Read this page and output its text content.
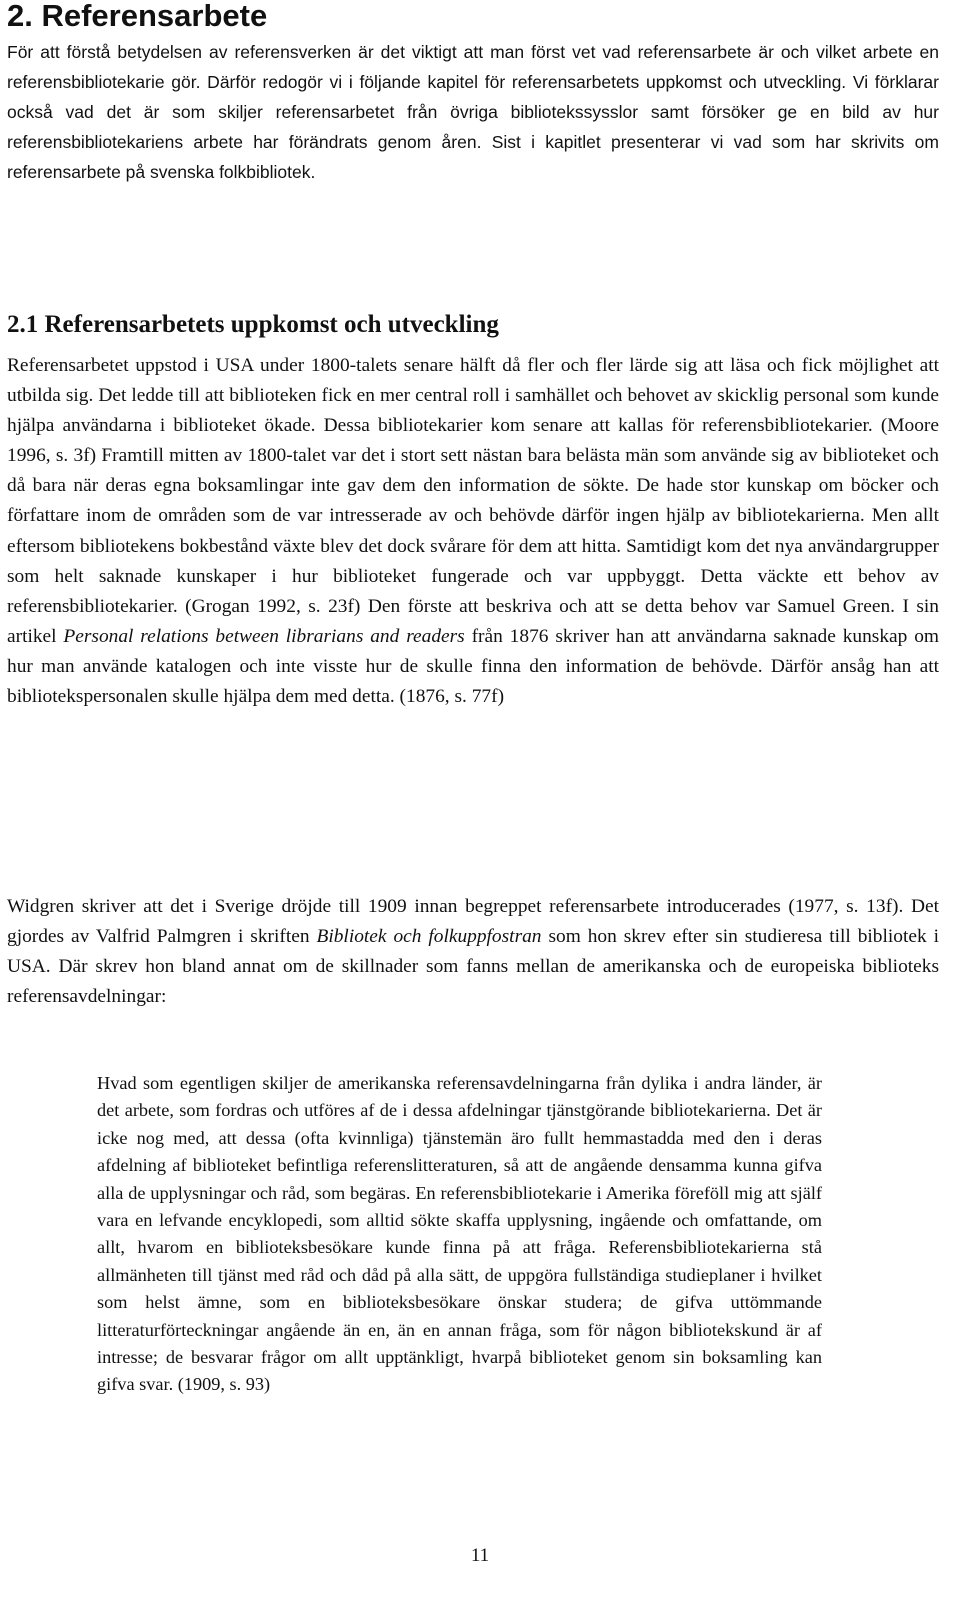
2. Referensarbete

För att förstå betydelsen av referensverken är det viktigt att man först vet vad referensarbete är och vilket arbete en referensbibliotekarie gör. Därför redogör vi i följande kapitel för referensarbetets uppkomst och utveckling. Vi förklarar också vad det är som skiljer referensarbetet från övriga bibliotekssysslor samt försöker ge en bild av hur referensbibliotekariens arbete har förändrats genom åren. Sist i kapitlet presenterar vi vad som har skrivits om referensarbete på svenska folkbibliotek.

2.1 Referensarbetets uppkomst och utveckling

Referensarbetet uppstod i USA under 1800-talets senare hälft då fler och fler lärde sig att läsa och fick möjlighet att utbilda sig. Det ledde till att biblioteken fick en mer central roll i samhället och behovet av skicklig personal som kunde hjälpa användarna i biblioteket ökade. Dessa bibliotekarier kom senare att kallas för referensbibliotekarier. (Moore 1996, s. 3f) Framtill mitten av 1800-talet var det i stort sett nästan bara belästa män som använde sig av biblioteket och då bara när deras egna boksamlingar inte gav dem den information de sökte. De hade stor kunskap om böcker och författare inom de områden som de var intresserade av och behövde därför ingen hjälp av bibliotekarierna. Men allt eftersom bibliotekens bokbestånd växte blev det dock svårare för dem att hitta. Samtidigt kom det nya användargrupper som helt saknade kunskaper i hur biblioteket fungerade och var uppbyggt. Detta väckte ett behov av referensbibliotekarier. (Grogan 1992, s. 23f) Den förste att beskriva och att se detta behov var Samuel Green. I sin artikel Personal relations between librarians and readers från 1876 skriver han att användarna saknade kunskap om hur man använde katalogen och inte visste hur de skulle finna den information de behövde. Därför ansåg han att bibliotekspersonalen skulle hjälpa dem med detta. (1876, s. 77f)

Widgren skriver att det i Sverige dröjde till 1909 innan begreppet referensarbete introducerades (1977, s. 13f). Det gjordes av Valfrid Palmgren i skriften Bibliotek och folkuppfostran som hon skrev efter sin studieresa till bibliotek i USA. Där skrev hon bland annat om de skillnader som fanns mellan de amerikanska och de europeiska biblioteks referensavdelningar:

Hvad som egentligen skiljer de amerikanska referensavdelningarna från dylika i andra länder, är det arbete, som fordras och utföres af de i dessa afdelningar tjänstgörande bibliotekarierna. Det är icke nog med, att dessa (ofta kvinnliga) tjänstemän äro fullt hemmastadda med den i deras afdelning af biblioteket befintliga referenslitteraturen, så att de angående densamma kunna gifva alla de upplysningar och råd, som begäras. En referensbibliotekarie i Amerika föreföll mig att själf vara en lefvande encyklopedi, som alltid sökte skaffa upplysning, ingående och omfattande, om allt, hvarom en biblioteksbesökare kunde finna på att fråga. Referensbibliotekarierna stå allmänheten till tjänst med råd och dåd på alla sätt, de uppgöra fullständiga studieplaner i hvilket som helst ämne, som en biblioteksbesökare önskar studera; de gifva uttömmande litteraturförteckningar angående än en, än en annan fråga, som för någon bibliotekskund är af intresse; de besvarar frågor om allt upptänkligt, hvarpå biblioteket genom sin boksamling kan gifva svar. (1909, s. 93)

11
